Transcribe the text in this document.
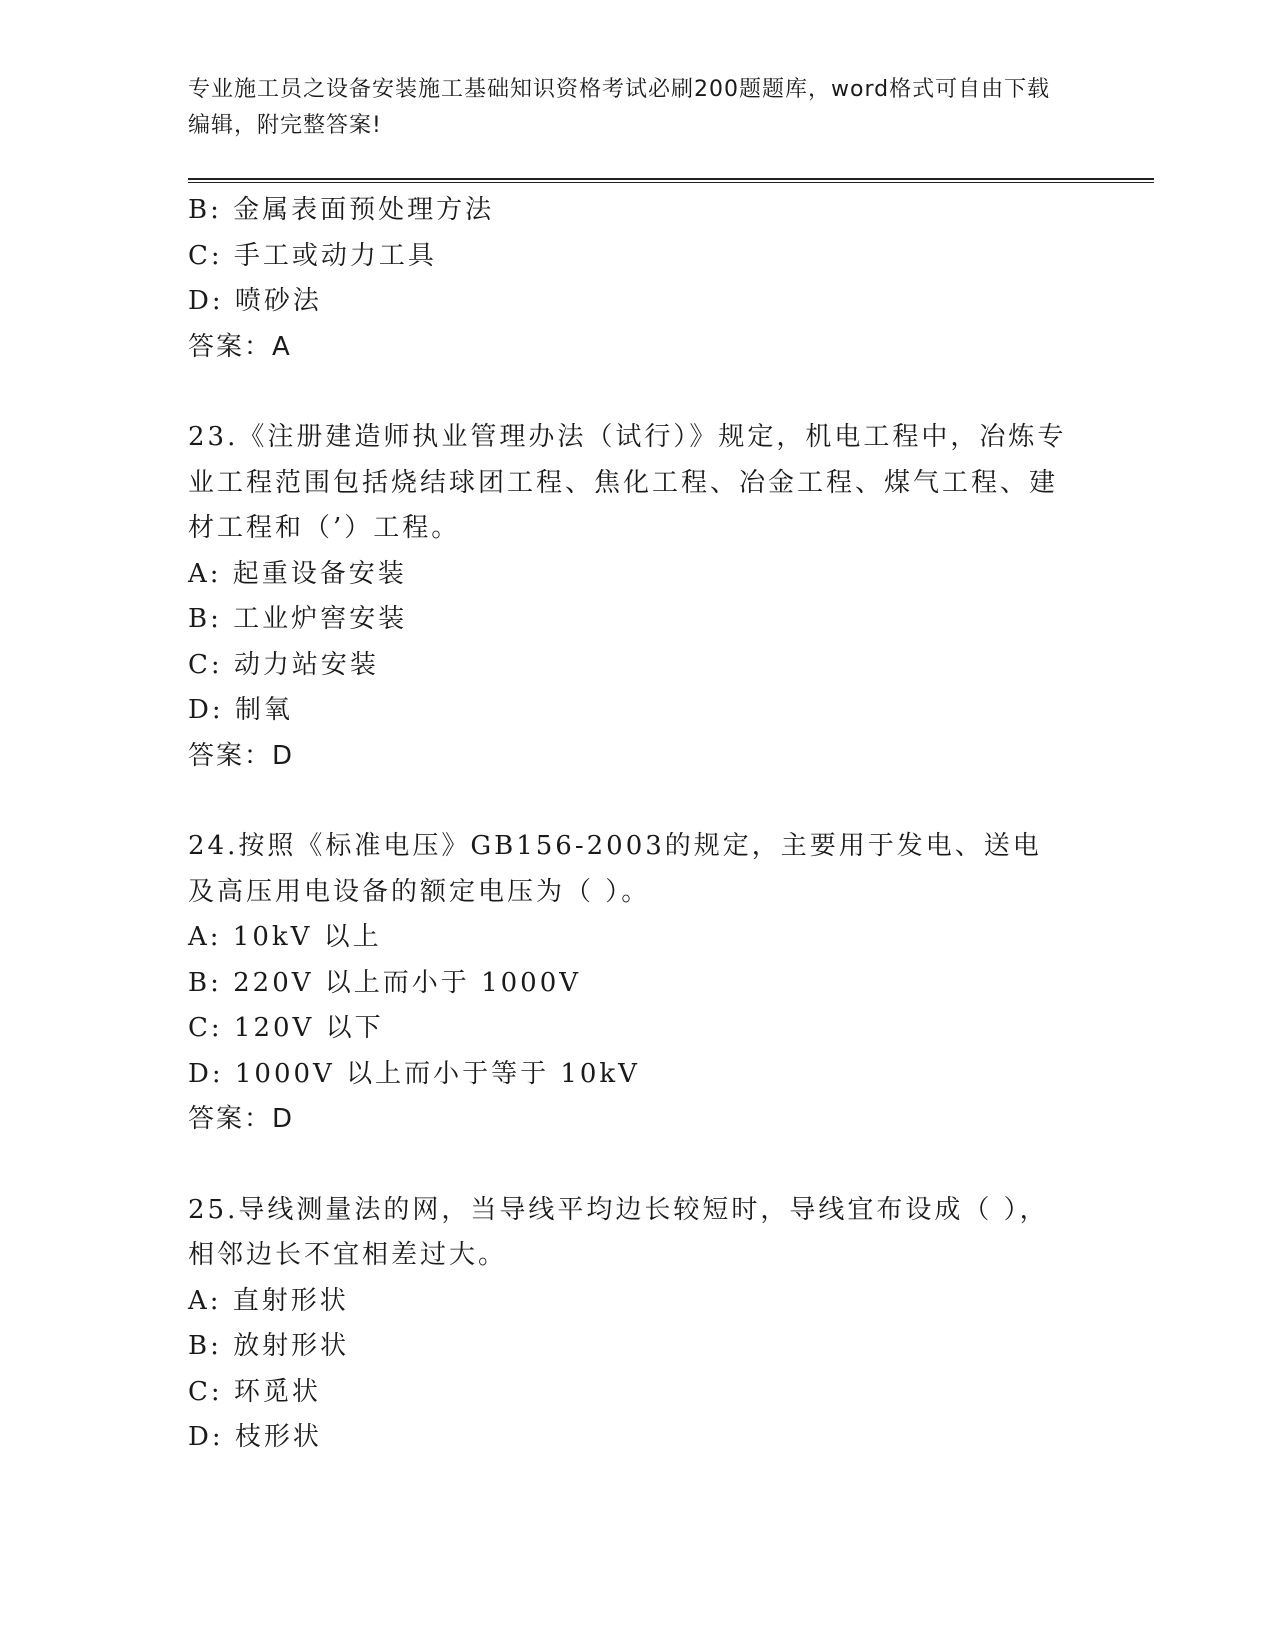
专业施工员之设备安装施工基础知识资格考试必刷200题题库，word格式可自由下载编辑，附完整答案!
B: 金属表面预处理方法
C: 手工或动力工具
D: 喷砂法
答案：A
23.《注册建造师执业管理办法（试行）》规定，机电工程中，冶炼专业工程范围包括烧结球团工程、焦化工程、冶金工程、煤气工程、建材工程和（’）工程。
A: 起重设备安装
B: 工业炉窖安装
C: 动力站安装
D: 制氧
答案：D
24.按照《标准电压》GB156-2003的规定，主要用于发电、送电及高压用电设备的额定电压为（ ）。
A: 10kV 以上
B: 220V 以上而小于 1000V
C: 120V 以下
D: 1000V 以上而小于等于 10kV
答案：D
25.导线测量法的网，当导线平均边长较短时，导线宜布设成（ ），相邻边长不宜相差过大。
A: 直射形状
B: 放射形状
C: 环觅状
D: 枝形状
